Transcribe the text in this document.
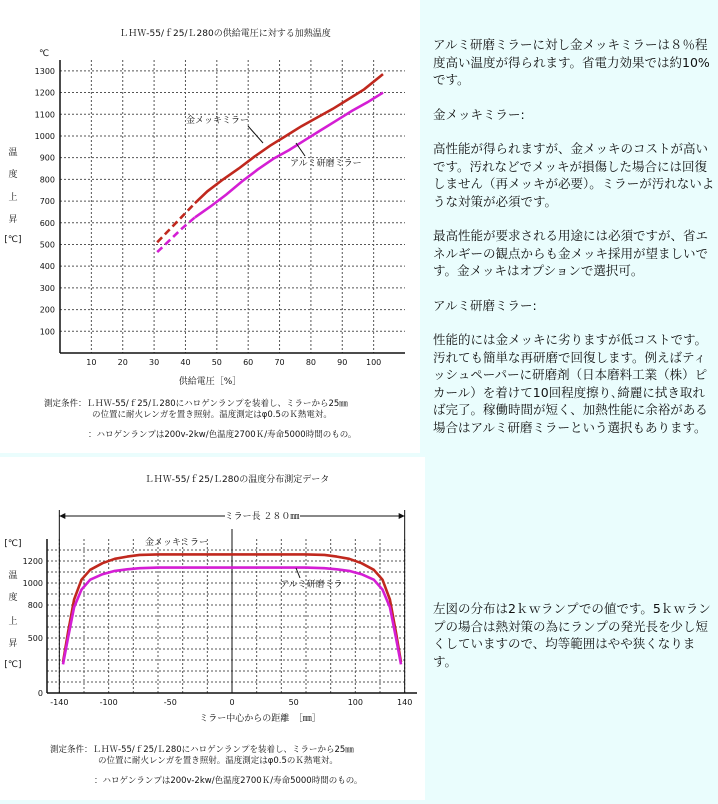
ＬＨＷ-55/ｆ25/Ｌ280の供給電圧に対する加熱温度
℃
100
200
300
400
500
600
700
800
900
1000
1100
1200
1300
10	20	30	40	50	60	70	80	90 100
温
度
上
昇
[℃]
供給電圧［%］
金メッキミラー
アルミ研磨ミラー
測定条件：ＬＨＷ-55/ｆ25/Ｌ280にハロゲンランプを装着し、ミラーから25㎜
の位置に耐火レンガを置き照射。温度測定はφ0.5のＫ熱電対。
：ハロゲンランプは200v-2kw/色温度2700Ｋ/寿命5000時間のもの。
ＬＨＷ-55/ｆ25/Ｌ280の温度分布測定データ
0
500
800
1000
1200
-140	-100	-50	0	50	100	140
[℃]
温
度
上
昇
[℃]
ミラー長 ２８０㎜
ミラー中心からの距離　［㎜］
金メッキミラー
アルミ研磨ミラ
測定条件：ＬＨＷ-55/ｆ25/Ｌ280にハロゲンランプを装着し、ミラーから25㎜
の位置に耐火レンガを置き照射。温度測定はφ0.5のＫ熱電対。
：ハロゲンランプは200v-2kw/色温度2700Ｋ/寿命5000時間のもの。

アルミ研磨ミラーに対し金メッキミラーは８％程度高い温度が得られます。省電力効果では約10%です。

金メッキミラー:

高性能が得られますが、金メッキのコストが高いです。汚れなどでメッキが損傷した場合には回復しません（再メッキが必要）。ミラーが汚れないような対策が必須です。

最高性能が要求される用途には必須ですが、省エネルギーの観点からも金メッキ採用が望ましいです。金メッキはオプションで選択可。

アルミ研磨ミラー:

性能的には金メッキに劣りますが低コストです。汚れても簡単な再研磨で回復します。例えばティッシュペーパーに研磨剤（日本磨料工業（株）ピカール）を着けて10回程度擦り､綺麗に拭き取れば完了。稼働時間が短く、加熱性能に余裕がある場合はアルミ研磨ミラーという選択もあります。

左図の分布は2ｋｗランプでの値です。5ｋｗランプの場合は熱対策の為にランプの発光長を少し短くしていますので、均等範囲はやや狭くなります。
